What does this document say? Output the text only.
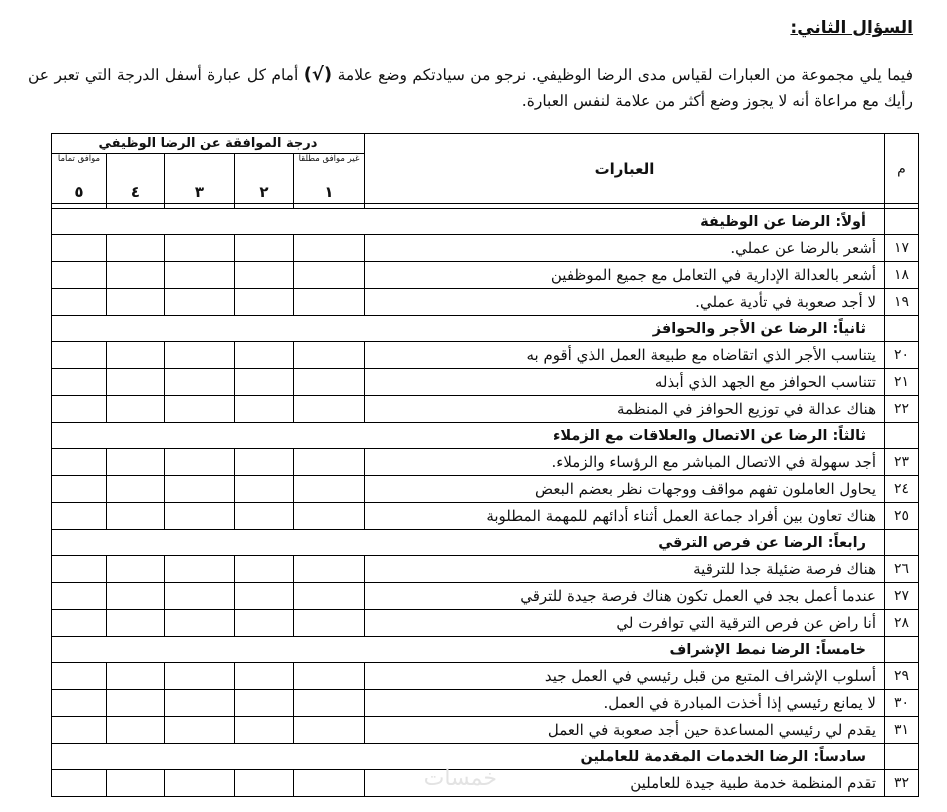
السؤال الثاني:

فيما يلي مجموعة من العبارات لقياس مدى الرضا الوظيفي. نرجو من سيادتكم وضع علامة (√) أمام كل عبارة أسفل الدرجة التي تعبر عن رأيك مع مراعاة أنه لا يجوز وضع أكثر من علامة لنفس العبارة.

م	العبارات	درجة الموافقة عن الرضا الوظيفي				
		غير موافق مطلقا				موافق تماما
		١	٢	٣	٤	٥

	أولاً: الرضا عن الوظيفة					
١٧	أشعر بالرضا عن عملي.					
١٨	أشعر بالعدالة الإدارية في التعامل مع جميع الموظفين					
١٩	لا أجد صعوبة في تأدية عملي.					
	ثانياً: الرضا عن الأجر والحوافز					
٢٠	يتناسب الأجر الذي اتقاضاه مع طبيعة العمل الذي أقوم به					
٢١	تتناسب الحوافز مع الجهد الذي أبذله					
٢٢	هناك عدالة في توزيع الحوافز في المنظمة					
	ثالثاً: الرضا عن الاتصال والعلاقات مع الزملاء					
٢٣	أجد سهولة في الاتصال المباشر مع الرؤساء والزملاء.					
٢٤	يحاول العاملون تفهم مواقف ووجهات نظر بعضم البعض					
٢٥	هناك تعاون بين أفراد جماعة العمل أثناء أدائهم للمهمة المطلوبة					
	رابعاً: الرضا عن فرص الترقي					
٢٦	هناك فرصة ضئيلة جدا للترقية					
٢٧	عندما أعمل بجد في العمل تكون هناك فرصة جيدة للترقي					
٢٨	أنا راض عن فرص الترقية التي توافرت لي					
	خامساً: الرضا نمط الإشراف					
٢٩	أسلوب الإشراف المتبع من قبل رئيسي في العمل جيد					
٣٠	لا يمانع رئيسي إذا أخذت المبادرة في العمل.					
٣١	يقدم لي رئيسي المساعدة حين أجد صعوبة في العمل					
	سادساً: الرضا الخدمات المقدمة للعاملين					
٣٢	تقدم المنظمة خدمة طبية جيدة للعاملين					
خمسات
